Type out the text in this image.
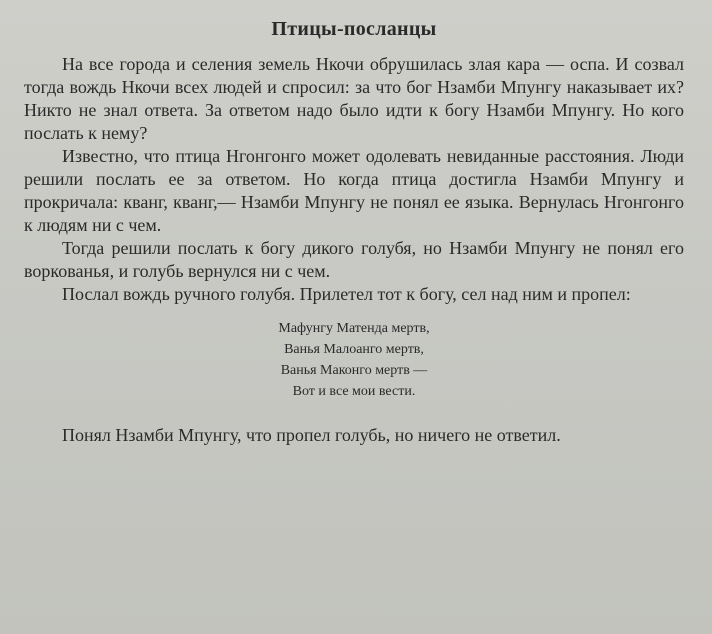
Птицы-посланцы

На все города и селения земель Нкочи обрушилась злая кара — оспа. И созвал тогда вождь Нкочи всех людей и спросил: за что бог Нзамби Мпунгу наказывает их? Никто не знал ответа. За ответом надо было идти к богу Нзамби Мпунгу. Но кого послать к нему?

Известно, что птица Нгонгонго может одолевать невиданные расстояния. Люди решили послать ее за ответом. Но когда птица достигла Нзамби Мпунгу и прокричала: кванг, кванг,— Нзамби Мпунгу не понял ее языка. Вернулась Нгонгонго к людям ни с чем.

Тогда решили послать к богу дикого голубя, но Нзамби Мпунгу не понял его воркованья, и голубь вернулся ни с чем.

Послал вождь ручного голубя. Прилетел тот к богу, сел над ним и пропел:

Мафунгу Матенда мертв,
Ванья Малоанго мертв,
Ванья Маконго мертв —
Вот и все мои вести.

Понял Нзамби Мпунгу, что пропел голубь, но ничего не ответил.
